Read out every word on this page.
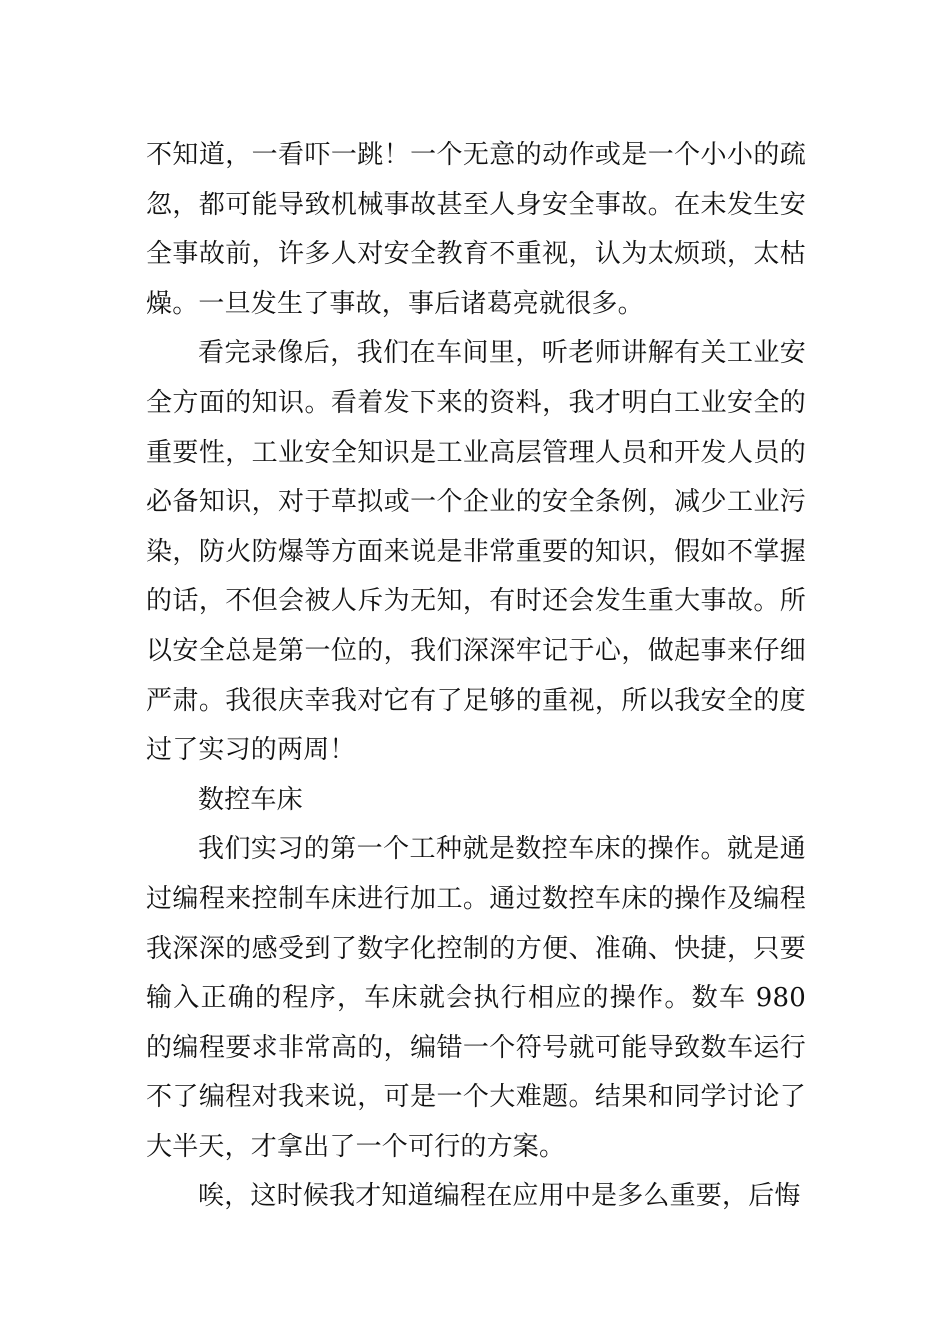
不知道，一看吓一跳！一个无意的动作或是一个小小的疏忽，都可能导致机械事故甚至人身安全事故。在未发生安全事故前，许多人对安全教育不重视，认为太烦琐，太枯燥。一旦发生了事故，事后诸葛亮就很多。

看完录像后，我们在车间里，听老师讲解有关工业安全方面的知识。看着发下来的资料，我才明白工业安全的重要性，工业安全知识是工业高层管理人员和开发人员的必备知识，对于草拟或一个企业的安全条例，减少工业污染，防火防爆等方面来说是非常重要的知识，假如不掌握的话，不但会被人斥为无知，有时还会发生重大事故。所以安全总是第一位的，我们深深牢记于心，做起事来仔细严肃。我很庆幸我对它有了足够的重视，所以我安全的度过了实习的两周！

数控车床

我们实习的第一个工种就是数控车床的操作。就是通过编程来控制车床进行加工。通过数控车床的操作及编程我深深的感受到了数字化控制的方便、准确、快捷，只要输入正确的程序，车床就会执行相应的操作。数车 980 的编程要求非常高的，编错一个符号就可能导致数车运行不了编程对我来说，可是一个大难题。结果和同学讨论了大半天，才拿出了一个可行的方案。

唉，这时候我才知道编程在应用中是多么重要，后悔
